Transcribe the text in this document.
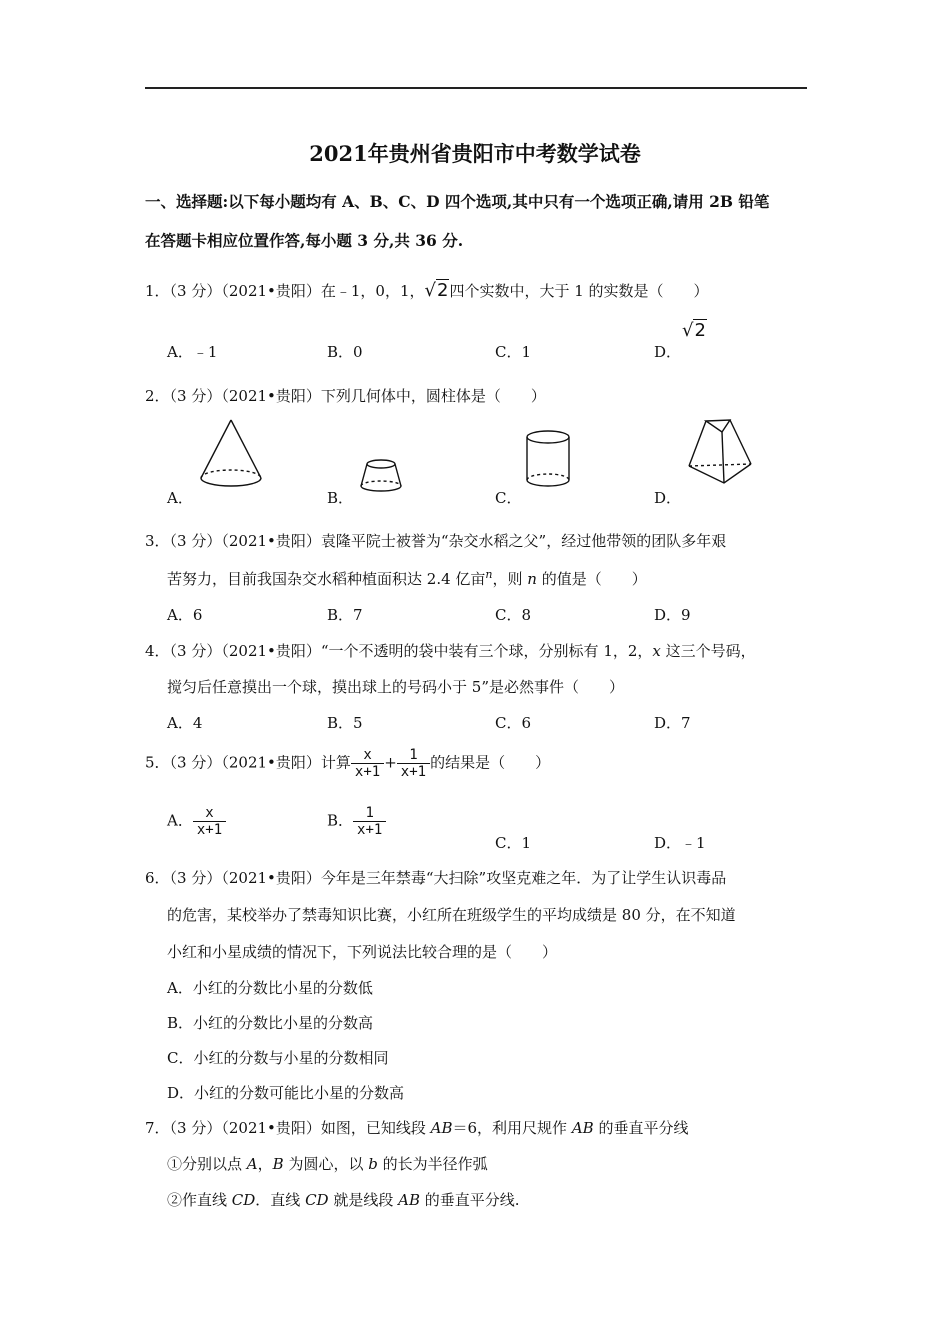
2021年贵州省贵阳市中考数学试卷
一、选择题:以下每小题均有 A、B、C、D 四个选项,其中只有一个选项正确,请用 2B 铅笔
在答题卡相应位置作答,每小题 3 分,共 36 分.
1．（3 分）（2021•贵阳）在﹣1，0，1，√2四个实数中，大于 1 的实数是（　　）
A．﹣1	B．0	C．1	D．
√2
2．（3 分）（2021•贵阳）下列几何体中，圆柱体是（　　）
A．	B．	C．	D．
3．（3 分）（2021•贵阳）袁隆平院士被誉为“杂交水稻之父”，经过他带领的团队多年艰
苦努力，目前我国杂交水稻种植面积达 2.4 亿亩$^n$，则 n 的值是（　　）
A．6	B．7	C．8	D．9
4．（3 分）（2021•贵阳）“一个不透明的袋中装有三个球，分别标有 1，2，x 这三个号码，
搅匀后任意摸出一个球，摸出球上的号码小于 5”是必然事件（　　）
A．4	B．5	C．6	D．7
5．（3 分）（2021•贵阳）计算 $\frac{x}{x+1} + \frac{1}{x+1}$ 的结果是（　　）
A． $\frac{x}{x+1}$	B． $\frac{1}{x+1}$
C．1	D．﹣1
6．（3 分）（2021•贵阳）今年是三年禁毒“大扫除”攻坚克难之年．为了让学生认识毒品
的危害，某校举办了禁毒知识比赛，小红所在班级学生的平均成绩是 80 分，在不知道
小红和小星成绩的情况下，下列说法比较合理的是（　　）
A．小红的分数比小星的分数低
B．小红的分数比小星的分数高
C．小红的分数与小星的分数相同
D．小红的分数可能比小星的分数高
7．（3 分）（2021•贵阳）如图，已知线段 AB＝6，利用尺规作 AB 的垂直平分线
①分别以点 A，B 为圆心，以 b 的长为半径作弧
②作直线 CD．直线 CD 就是线段 AB 的垂直平分线.
